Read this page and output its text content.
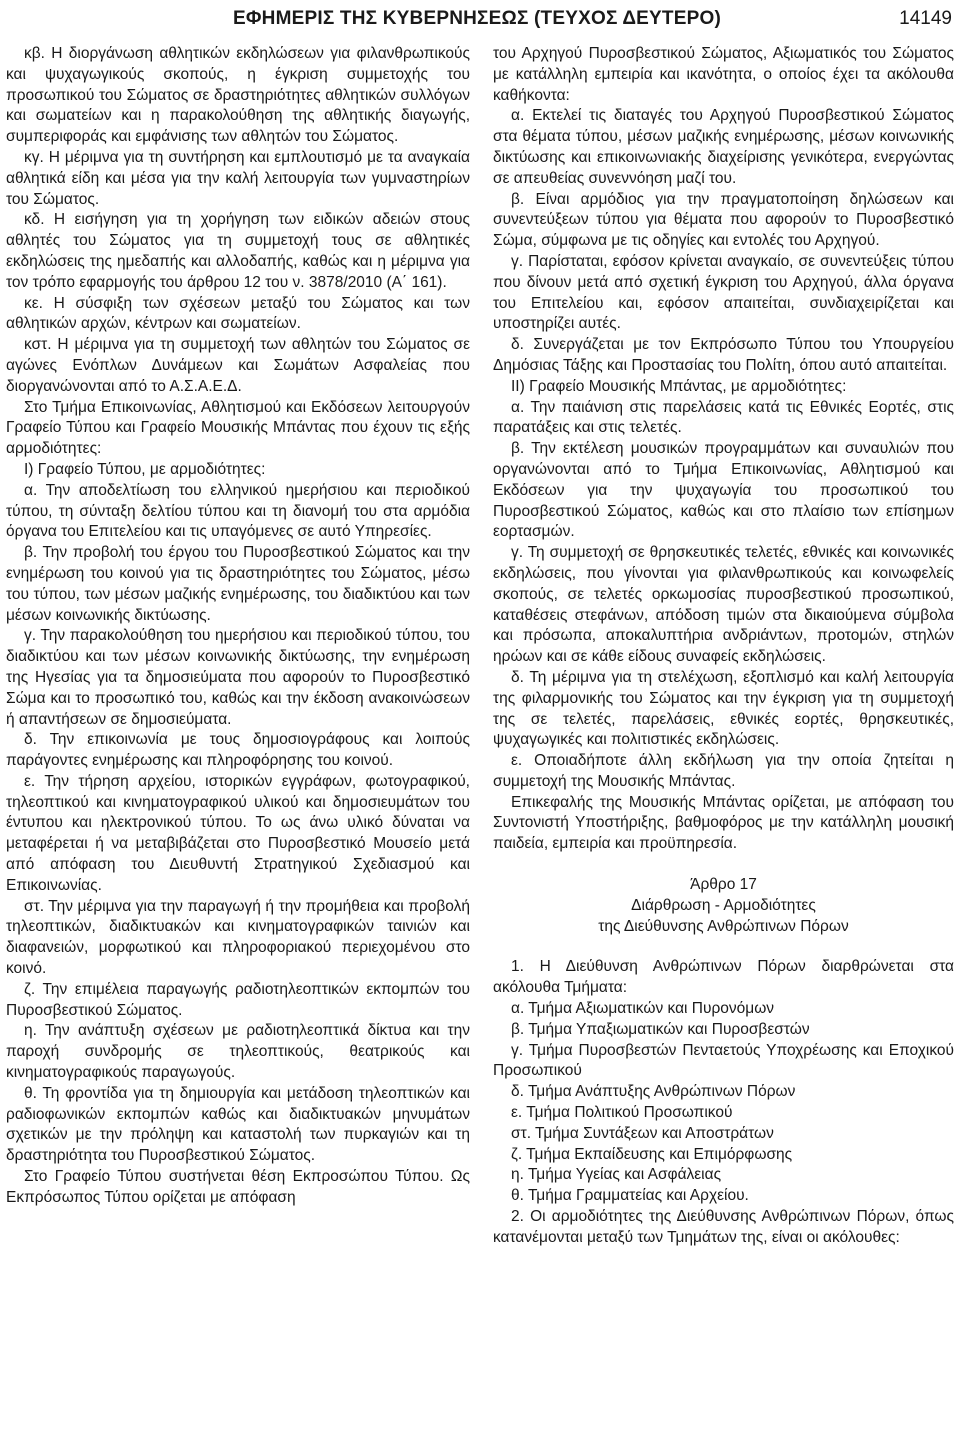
ΕΦΗΜΕΡΙΣ ΤΗΣ ΚΥΒΕΡΝΗΣΕΩΣ (ΤΕΥΧΟΣ ΔΕΥΤΕΡΟ)	14149

κβ. Η διοργάνωση αθλητικών εκδηλώσεων για φιλανθρωπικούς και ψυχαγωγικούς σκοπούς, η έγκριση συμμετοχής του προσωπικού του Σώματος σε δραστηριότητες αθλητικών συλλόγων και σωματείων και η παρακολούθηση της αθλητικής διαγωγής, συμπεριφοράς και εμφάνισης των αθλητών του Σώματος.

κγ. Η μέριμνα για τη συντήρηση και εμπλουτισμό με τα αναγκαία αθλητικά είδη και μέσα για την καλή λειτουργία των γυμναστηρίων του Σώματος.

κδ. Η εισήγηση για τη χορήγηση των ειδικών αδειών στους αθλητές του Σώματος για τη συμμετοχή τους σε αθλητικές εκδηλώσεις της ημεδαπής και αλλοδαπής, καθώς και η μέριμνα για τον τρόπο εφαρμογής του άρθρου 12 του ν. 3878/2010 (Α΄ 161).

κε. Η σύσφιξη των σχέσεων μεταξύ του Σώματος και των αθλητικών αρχών, κέντρων και σωματείων.

κστ. Η μέριμνα για τη συμμετοχή των αθλητών του Σώματος σε αγώνες Ενόπλων Δυνάμεων και Σωμάτων Ασφαλείας που διοργανώνονται από το Α.Σ.Α.Ε.Δ.

Στο Τμήμα Επικοινωνίας, Αθλητισμού και Εκδόσεων λειτουργούν Γραφείο Τύπου και Γραφείο Μουσικής Μπάντας που έχουν τις εξής αρμοδιότητες:

Ι) Γραφείο Τύπου, με αρμοδιότητες:

α. Την αποδελτίωση του ελληνικού ημερήσιου και περιοδικού τύπου, τη σύνταξη δελτίου τύπου και τη διανομή του στα αρμόδια όργανα του Επιτελείου και τις υπαγόμενες σε αυτό Υπηρεσίες.

β. Την προβολή του έργου του Πυροσβεστικού Σώματος και την ενημέρωση του κοινού για τις δραστηριότητες του Σώματος, μέσω του τύπου, των μέσων μαζικής ενημέρωσης, του διαδικτύου και των μέσων κοινωνικής δικτύωσης.

γ. Την παρακολούθηση του ημερήσιου και περιοδικού τύπου, του διαδικτύου και των μέσων κοινωνικής δικτύωσης, την ενημέρωση της Ηγεσίας για τα δημοσιεύματα που αφορούν το Πυροσβεστικό Σώμα και το προσωπικό του, καθώς και την έκδοση ανακοινώσεων ή απαντήσεων σε δημοσιεύματα.

δ. Την επικοινωνία με τους δημοσιογράφους και λοιπούς παράγοντες ενημέρωσης και πληροφόρησης του κοινού.

ε. Την τήρηση αρχείου, ιστορικών εγγράφων, φωτογραφικού, τηλεοπτικού και κινηματογραφικού υλικού και δημοσιευμάτων του έντυπου και ηλεκτρονικού τύπου. Το ως άνω υλικό δύναται να μεταφέρεται ή να μεταβιβάζεται στο Πυροσβεστικό Μουσείο μετά από απόφαση του Διευθυντή Στρατηγικού Σχεδιασμού και Επικοινωνίας.

στ. Την μέριμνα για την παραγωγή ή την προμήθεια και προβολή τηλεοπτικών, διαδικτυακών και κινηματογραφικών ταινιών και διαφανειών, μορφωτικού και πληροφοριακού περιεχομένου στο κοινό.

ζ. Την επιμέλεια παραγωγής ραδιοτηλεοπτικών εκπομπών του Πυροσβεστικού Σώματος.

η. Την ανάπτυξη σχέσεων με ραδιοτηλεοπτικά δίκτυα και την παροχή συνδρομής σε τηλεοπτικούς, θεατρικούς και κινηματογραφικούς παραγωγούς.

θ. Τη φροντίδα για τη δημιουργία και μετάδοση τηλεοπτικών και ραδιοφωνικών εκπομπών καθώς και διαδικτυακών μηνυμάτων σχετικών με την πρόληψη και καταστολή των πυρκαγιών και τη δραστηριότητα του Πυροσβεστικού Σώματος.

Στο Γραφείο Τύπου συστήνεται θέση Εκπροσώπου Τύπου. Ως Εκπρόσωπος Τύπου ορίζεται με απόφαση

του Αρχηγού Πυροσβεστικού Σώματος, Αξιωματικός του Σώματος με κατάλληλη εμπειρία και ικανότητα, ο οποίος έχει τα ακόλουθα καθήκοντα:

α. Εκτελεί τις διαταγές του Αρχηγού Πυροσβεστικού Σώματος στα θέματα τύπου, μέσων μαζικής ενημέρωσης, μέσων κοινωνικής δικτύωσης και επικοινωνιακής διαχείρισης γενικότερα, ενεργώντας σε απευθείας συνεννόηση μαζί του.

β. Είναι αρμόδιος για την πραγματοποίηση δηλώσεων και συνεντεύξεων τύπου για θέματα που αφορούν το Πυροσβεστικό Σώμα, σύμφωνα με τις οδηγίες και εντολές του Αρχηγού.

γ. Παρίσταται, εφόσον κρίνεται αναγκαίο, σε συνεντεύξεις τύπου που δίνουν μετά από σχετική έγκριση του Αρχηγού, άλλα όργανα του Επιτελείου και, εφόσον απαιτείται, συνδιαχειρίζεται και υποστηρίζει αυτές.

δ. Συνεργάζεται με τον Εκπρόσωπο Τύπου του Υπουργείου Δημόσιας Τάξης και Προστασίας του Πολίτη, όπου αυτό απαιτείται.

ΙΙ) Γραφείο Μουσικής Μπάντας, με αρμοδιότητες:

α. Την παιάνιση στις παρελάσεις κατά τις Εθνικές Εορτές, στις παρατάξεις και στις τελετές.

β. Την εκτέλεση μουσικών προγραμμάτων και συναυλιών που οργανώνονται από το Τμήμα Επικοινωνίας, Αθλητισμού και Εκδόσεων για την ψυχαγωγία του προσωπικού του Πυροσβεστικού Σώματος, καθώς και στο πλαίσιο των επίσημων εορτασμών.

γ. Τη συμμετοχή σε θρησκευτικές τελετές, εθνικές και κοινωνικές εκδηλώσεις, που γίνονται για φιλανθρωπικούς και κοινωφελείς σκοπούς, σε τελετές ορκωμοσίας πυροσβεστικού προσωπικού, καταθέσεις στεφάνων, απόδοση τιμών στα δικαιούμενα σύμβολα και πρόσωπα, αποκαλυπτήρια ανδριάντων, προτομών, στηλών ηρώων και σε κάθε είδους συναφείς εκδηλώσεις.

δ. Τη μέριμνα για τη στελέχωση, εξοπλισμό και καλή λειτουργία της φιλαρμονικής του Σώματος και την έγκριση για τη συμμετοχή της σε τελετές, παρελάσεις, εθνικές εορτές, θρησκευτικές, ψυχαγωγικές και πολιτιστικές εκδηλώσεις.

ε. Οποιαδήποτε άλλη εκδήλωση για την οποία ζητείται η συμμετοχή της Μουσικής Μπάντας.

Επικεφαλής της Μουσικής Μπάντας ορίζεται, με απόφαση του Συντονιστή Υποστήριξης, βαθμοφόρος με την κατάλληλη μουσική παιδεία, εμπειρία και προϋπηρεσία.

Άρθρο 17

Διάρθρωση - Αρμοδιότητες

της Διεύθυνσης Ανθρώπινων Πόρων

1. Η Διεύθυνση Ανθρώπινων Πόρων διαρθρώνεται στα ακόλουθα Τμήματα:

α. Τμήμα Αξιωματικών και Πυρονόμων

β. Τμήμα Υπαξιωματικών και Πυροσβεστών

γ. Τμήμα Πυροσβεστών Πενταετούς Υποχρέωσης και Εποχικού Προσωπικού

δ. Τμήμα Ανάπτυξης Ανθρώπινων Πόρων

ε. Τμήμα Πολιτικού Προσωπικού

στ. Τμήμα Συντάξεων και Αποστράτων

ζ. Τμήμα Εκπαίδευσης και Επιμόρφωσης

η. Τμήμα Υγείας και Ασφάλειας

θ. Τμήμα Γραμματείας και Αρχείου.

2. Οι αρμοδιότητες της Διεύθυνσης Ανθρώπινων Πόρων, όπως κατανέμονται μεταξύ των Τμημάτων της, είναι οι ακόλουθες:
